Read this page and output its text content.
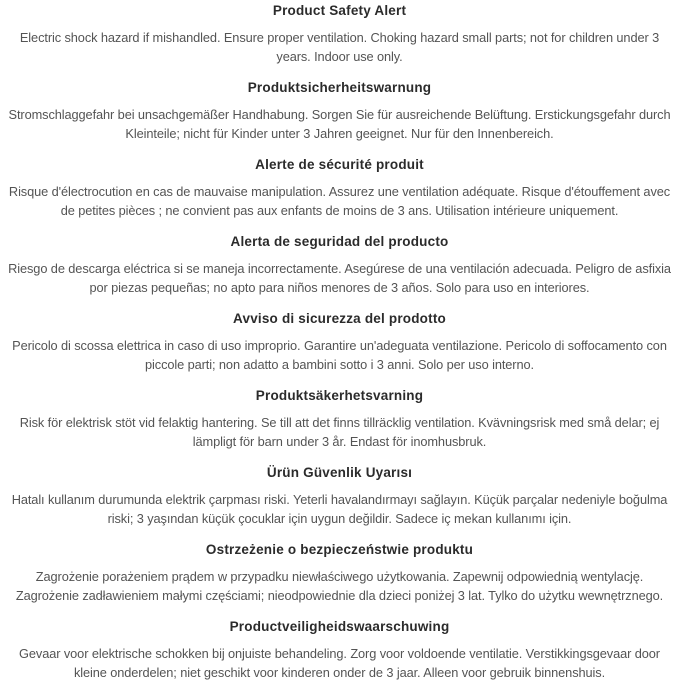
Product Safety Alert

Electric shock hazard if mishandled. Ensure proper ventilation. Choking hazard small parts; not for children under 3 years. Indoor use only.

Produktsicherheitswarnung

Stromschlaggefahr bei unsachgemäßer Handhabung. Sorgen Sie für ausreichende Belüftung. Erstickungsgefahr durch Kleinteile; nicht für Kinder unter 3 Jahren geeignet. Nur für den Innenbereich.

Alerte de sécurité produit

Risque d'électrocution en cas de mauvaise manipulation. Assurez une ventilation adéquate. Risque d'étouffement avec de petites pièces ; ne convient pas aux enfants de moins de 3 ans. Utilisation intérieure uniquement.

Alerta de seguridad del producto

Riesgo de descarga eléctrica si se maneja incorrectamente. Asegúrese de una ventilación adecuada. Peligro de asfixia por piezas pequeñas; no apto para niños menores de 3 años. Solo para uso en interiores.

Avviso di sicurezza del prodotto

Pericolo di scossa elettrica in caso di uso improprio. Garantire un'adeguata ventilazione. Pericolo di soffocamento con piccole parti; non adatto a bambini sotto i 3 anni. Solo per uso interno.

Produktsäkerhetsvarning

Risk för elektrisk stöt vid felaktig hantering. Se till att det finns tillräcklig ventilation. Kvävningsrisk med små delar; ej lämpligt för barn under 3 år. Endast för inomhusbruk.

Ürün Güvenlik Uyarısı

Hatalı kullanım durumunda elektrik çarpması riski. Yeterli havalandırmayı sağlayın. Küçük parçalar nedeniyle boğulma riski; 3 yaşından küçük çocuklar için uygun değildir. Sadece iç mekan kullanımı için.

Ostrzeżenie o bezpieczeństwie produktu

Zagrożenie porażeniem prądem w przypadku niewłaściwego użytkowania. Zapewnij odpowiednią wentylację. Zagrożenie zadławieniem małymi częściami; nieodpowiednie dla dzieci poniżej 3 lat. Tylko do użytku wewnętrznego.

Productveiligheidswaarschuwing

Gevaar voor elektrische schokken bij onjuiste behandeling. Zorg voor voldoende ventilatie. Verstikkingsgevaar door kleine onderdelen; niet geschikt voor kinderen onder de 3 jaar. Alleen voor gebruik binnenshuis.
